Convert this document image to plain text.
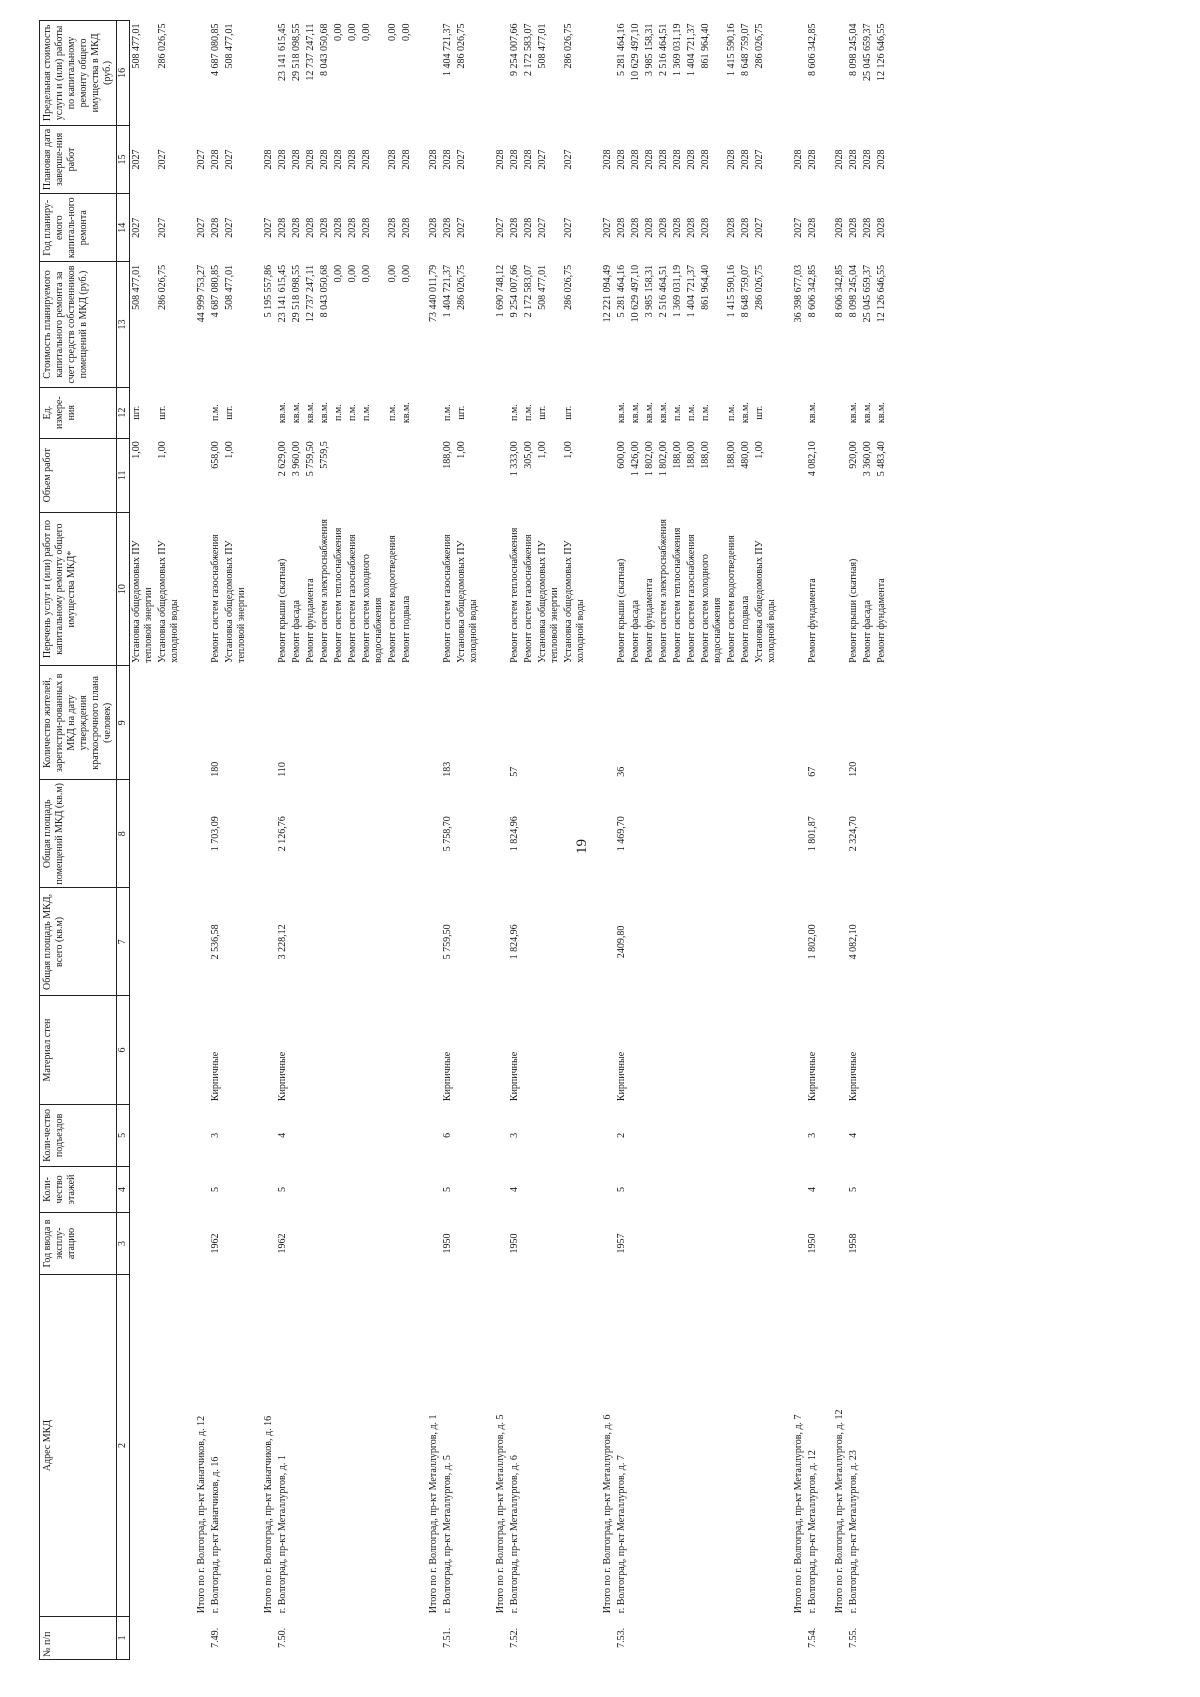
19
№ п/п	Адрес МКД	Год ввода в эксплу-атацию	Коли-чество этажей	Коли-чество подъездов	Материал стен	Общая площадь МКД, всего (кв.м)	Общая площадь помещений МКД (кв.м)	Количество жителей, зарегистри-рованных в МКД на дату утверждения краткосрочного плана (человек)	Перечень услуг и (или) работ по капитальному ремонту общего имущества МКД*	Объем работ	Ед. измере-ния	Стоимость планируемого капитального ремонта за счет средств собственников помещений в МКД (руб.)	Год планиру-емого капиталь-ного ремонта	Плановая дата заверше-ния работ	Предельная стоимость услуги и (или) работы по капитальному ремонту общего имущества в МКД (руб.)
1	2	3	4	5	6	7	8	9	10	11	12	13	14	15	16
									Установка общедомовых ПУ тепловой энергии	1,00	шт.	508 477,01	2027	2027	508 477,01
									Установка общедомовых ПУ холодной воды	1,00	шт.	286 026,75	2027	2027	286 026,75
	Итого по г. Волгоград, пр-кт Канатчиков, д. 12											44 999 753,27	2027	2027	
7.49.	г. Волгоград, пр-кт Канатчиков, д. 16	1962	5	3	Кирпичные	2 536,58	1 703,09	180	Ремонт систем газоснабжения	658,00	п.м.	4 687 080,85	2028	2028	4 687 080,85
									Установка общедомовых ПУ тепловой энергии	1,00	шт.	508 477,01	2027	2027	508 477,01
	Итого по г. Волгоград, пр-кт Канатчиков, д. 16											5 195 557,86	2027	2028	
7.50.	г. Волгоград, пр-кт Металлургов, д. 1	1962	5	4	Кирпичные	3 228,12	2 126,76	110	Ремонт крыши (скатная)	2 629,00	кв.м.	23 141 615,45	2028	2028	23 141 615,45
									Ремонт фасада	3 960,00	кв.м.	29 518 098,55	2028	2028	29 518 098,55
									Ремонт фундамента	5 759,50	кв.м.	12 737 247,11	2028	2028	12 737 247,11
									Ремонт систем электроснабжения	5759,5	кв.м.	8 043 050,68	2028	2028	8 043 050,68
									Ремонт систем теплоснабжения		п.м.	0,00	2028	2028	0,00
									Ремонт систем газоснабжения		п.м.	0,00	2028	2028	0,00
									Ремонт систем холодного водоснабжения		п.м.	0,00	2028	2028	0,00
									Ремонт систем водоотведения		п.м.	0,00	2028	2028	0,00
									Ремонт подвала		кв.м.	0,00	2028	2028	0,00
	Итого по г. Волгоград, пр-кт Металлургов, д. 1											73 440 011,79	2028	2028	
7.51.	г. Волгоград, пр-кт Металлургов, д. 5	1950	5	6	Кирпичные	5 759,50	5 758,70	183	Ремонт систем газоснабжения	188,00	п.м.	1 404 721,37	2028	2028	1 404 721,37
									Установка общедомовых ПУ холодной воды	1,00	шт.	286 026,75	2027	2027	286 026,75
	Итого по г. Волгоград, пр-кт Металлургов, д. 5											1 690 748,12	2027	2028	
7.52.	г. Волгоград, пр-кт Металлургов, д. 6	1950	4	3	Кирпичные	1 824,96	1 824,96	57	Ремонт систем теплоснабжения	1 333,00	п.м.	9 254 007,66	2028	2028	9 254 007,66
									Ремонт систем газоснабжения	305,00	п.м.	2 172 583,07	2028	2028	2 172 583,07
									Установка общедомовых ПУ тепловой энергии	1,00	шт.	508 477,01	2027	2027	508 477,01
									Установка общедомовых ПУ холодной воды	1,00	шт.	286 026,75	2027	2027	286 026,75
	Итого по г. Волгоград, пр-кт Металлургов, д. 6											12 221 094,49	2027	2028	
7.53.	г. Волгоград, пр-кт Металлургов, д. 7	1957	5	2	Кирпичные	2409,80	1 469,70	36	Ремонт крыши (скатная)	600,00	кв.м.	5 281 464,16	2028	2028	5 281 464,16
									Ремонт фасада	1 426,00	кв.м.	10 629 497,10	2028	2028	10 629 497,10
									Ремонт фундамента	1 802,00	кв.м.	3 985 158,31	2028	2028	3 985 158,31
									Ремонт систем электроснабжения	1 802,00	кв.м.	2 516 464,51	2028	2028	2 516 464,51
									Ремонт систем теплоснабжения	188,00	п.м.	1 369 031,19	2028	2028	1 369 031,19
									Ремонт систем газоснабжения	188,00	п.м.	1 404 721,37	2028	2028	1 404 721,37
									Ремонт систем холодного водоснабжения	188,00	п.м.	861 964,40	2028	2028	861 964,40
									Ремонт систем водоотведения	188,00	п.м.	1 415 590,16	2028	2028	1 415 590,16
									Ремонт подвала	480,00	кв.м.	8 648 759,07	2028	2028	8 648 759,07
									Установка общедомовых ПУ холодной воды	1,00	шт.	286 026,75	2027	2027	286 026,75
	Итого по г. Волгоград, пр-кт Металлургов, д. 7											36 398 677,03	2027	2028	
7.54.	г. Волгоград, пр-кт Металлургов, д. 12	1950	4	3	Кирпичные	1 802,00	1 801,87	67	Ремонт фундамента	4 082,10	кв.м.	8 606 342,85	2028	2028	8 606 342,85
	Итого по г. Волгоград, пр-кт Металлургов, д. 12											8 606 342,85	2028	2028	
7.55.	г. Волгоград, пр-кт Металлургов, д. 23	1958	5	4	Кирпичные	4 082,10	2 324,70	120	Ремонт крыши (скатная)	920,00	кв.м.	8 098 245,04	2028	2028	8 098 245,04
									Ремонт фасада	3 360,00	кв.м.	25 045 659,37	2028	2028	25 045 659,37
									Ремонт фундамента	5 483,40	кв.м.	12 126 646,55	2028	2028	12 126 646,55
